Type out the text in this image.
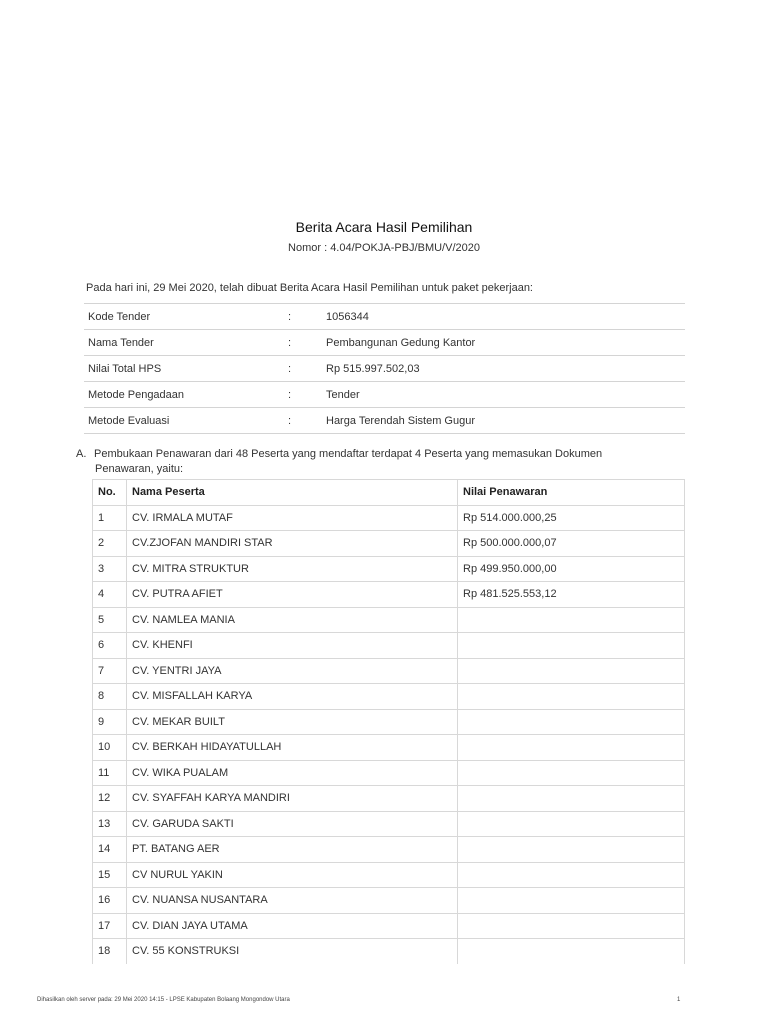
Berita Acara Hasil Pemilihan
Nomor : 4.04/POKJA-PBJ/BMU/V/2020
Pada hari ini, 29 Mei 2020, telah dibuat Berita Acara Hasil Pemilihan untuk paket pekerjaan:
Kode Tender	:	1056344
Nama Tender	:	Pembangunan Gedung Kantor
Nilai Total HPS	:	Rp 515.997.502,03
Metode Pengadaan	:	Tender
Metode Evaluasi	:	Harga Terendah Sistem Gugur
A. Pembukaan Penawaran dari 48 Peserta yang mendaftar terdapat 4 Peserta yang memasukan Dokumen
Penawaran, yaitu:
No.	Nama Peserta	Nilai Penawaran
1	CV. IRMALA MUTAF	Rp 514.000.000,25
2	CV.ZJOFAN MANDIRI STAR	Rp 500.000.000,07
3	CV. MITRA STRUKTUR	Rp 499.950.000,00
4	CV. PUTRA AFIET	Rp 481.525.553,12
5	CV. NAMLEA MANIA	
6	CV. KHENFI	
7	CV. YENTRI JAYA	
8	CV. MISFALLAH KARYA	
9	CV. MEKAR BUILT	
10	CV. BERKAH HIDAYATULLAH	
11	CV. WIKA PUALAM	
12	CV. SYAFFAH KARYA MANDIRI	
13	CV. GARUDA SAKTI	
14	PT. BATANG AER	
15	CV NURUL YAKIN	
16	CV. NUANSA NUSANTARA	
17	CV. DIAN JAYA UTAMA	
18	CV. 55 KONSTRUKSI	
Dihasilkan oleh server pada: 29 Mei 2020 14:15 - LPSE Kabupaten Bolaang Mongondow Utara	1
